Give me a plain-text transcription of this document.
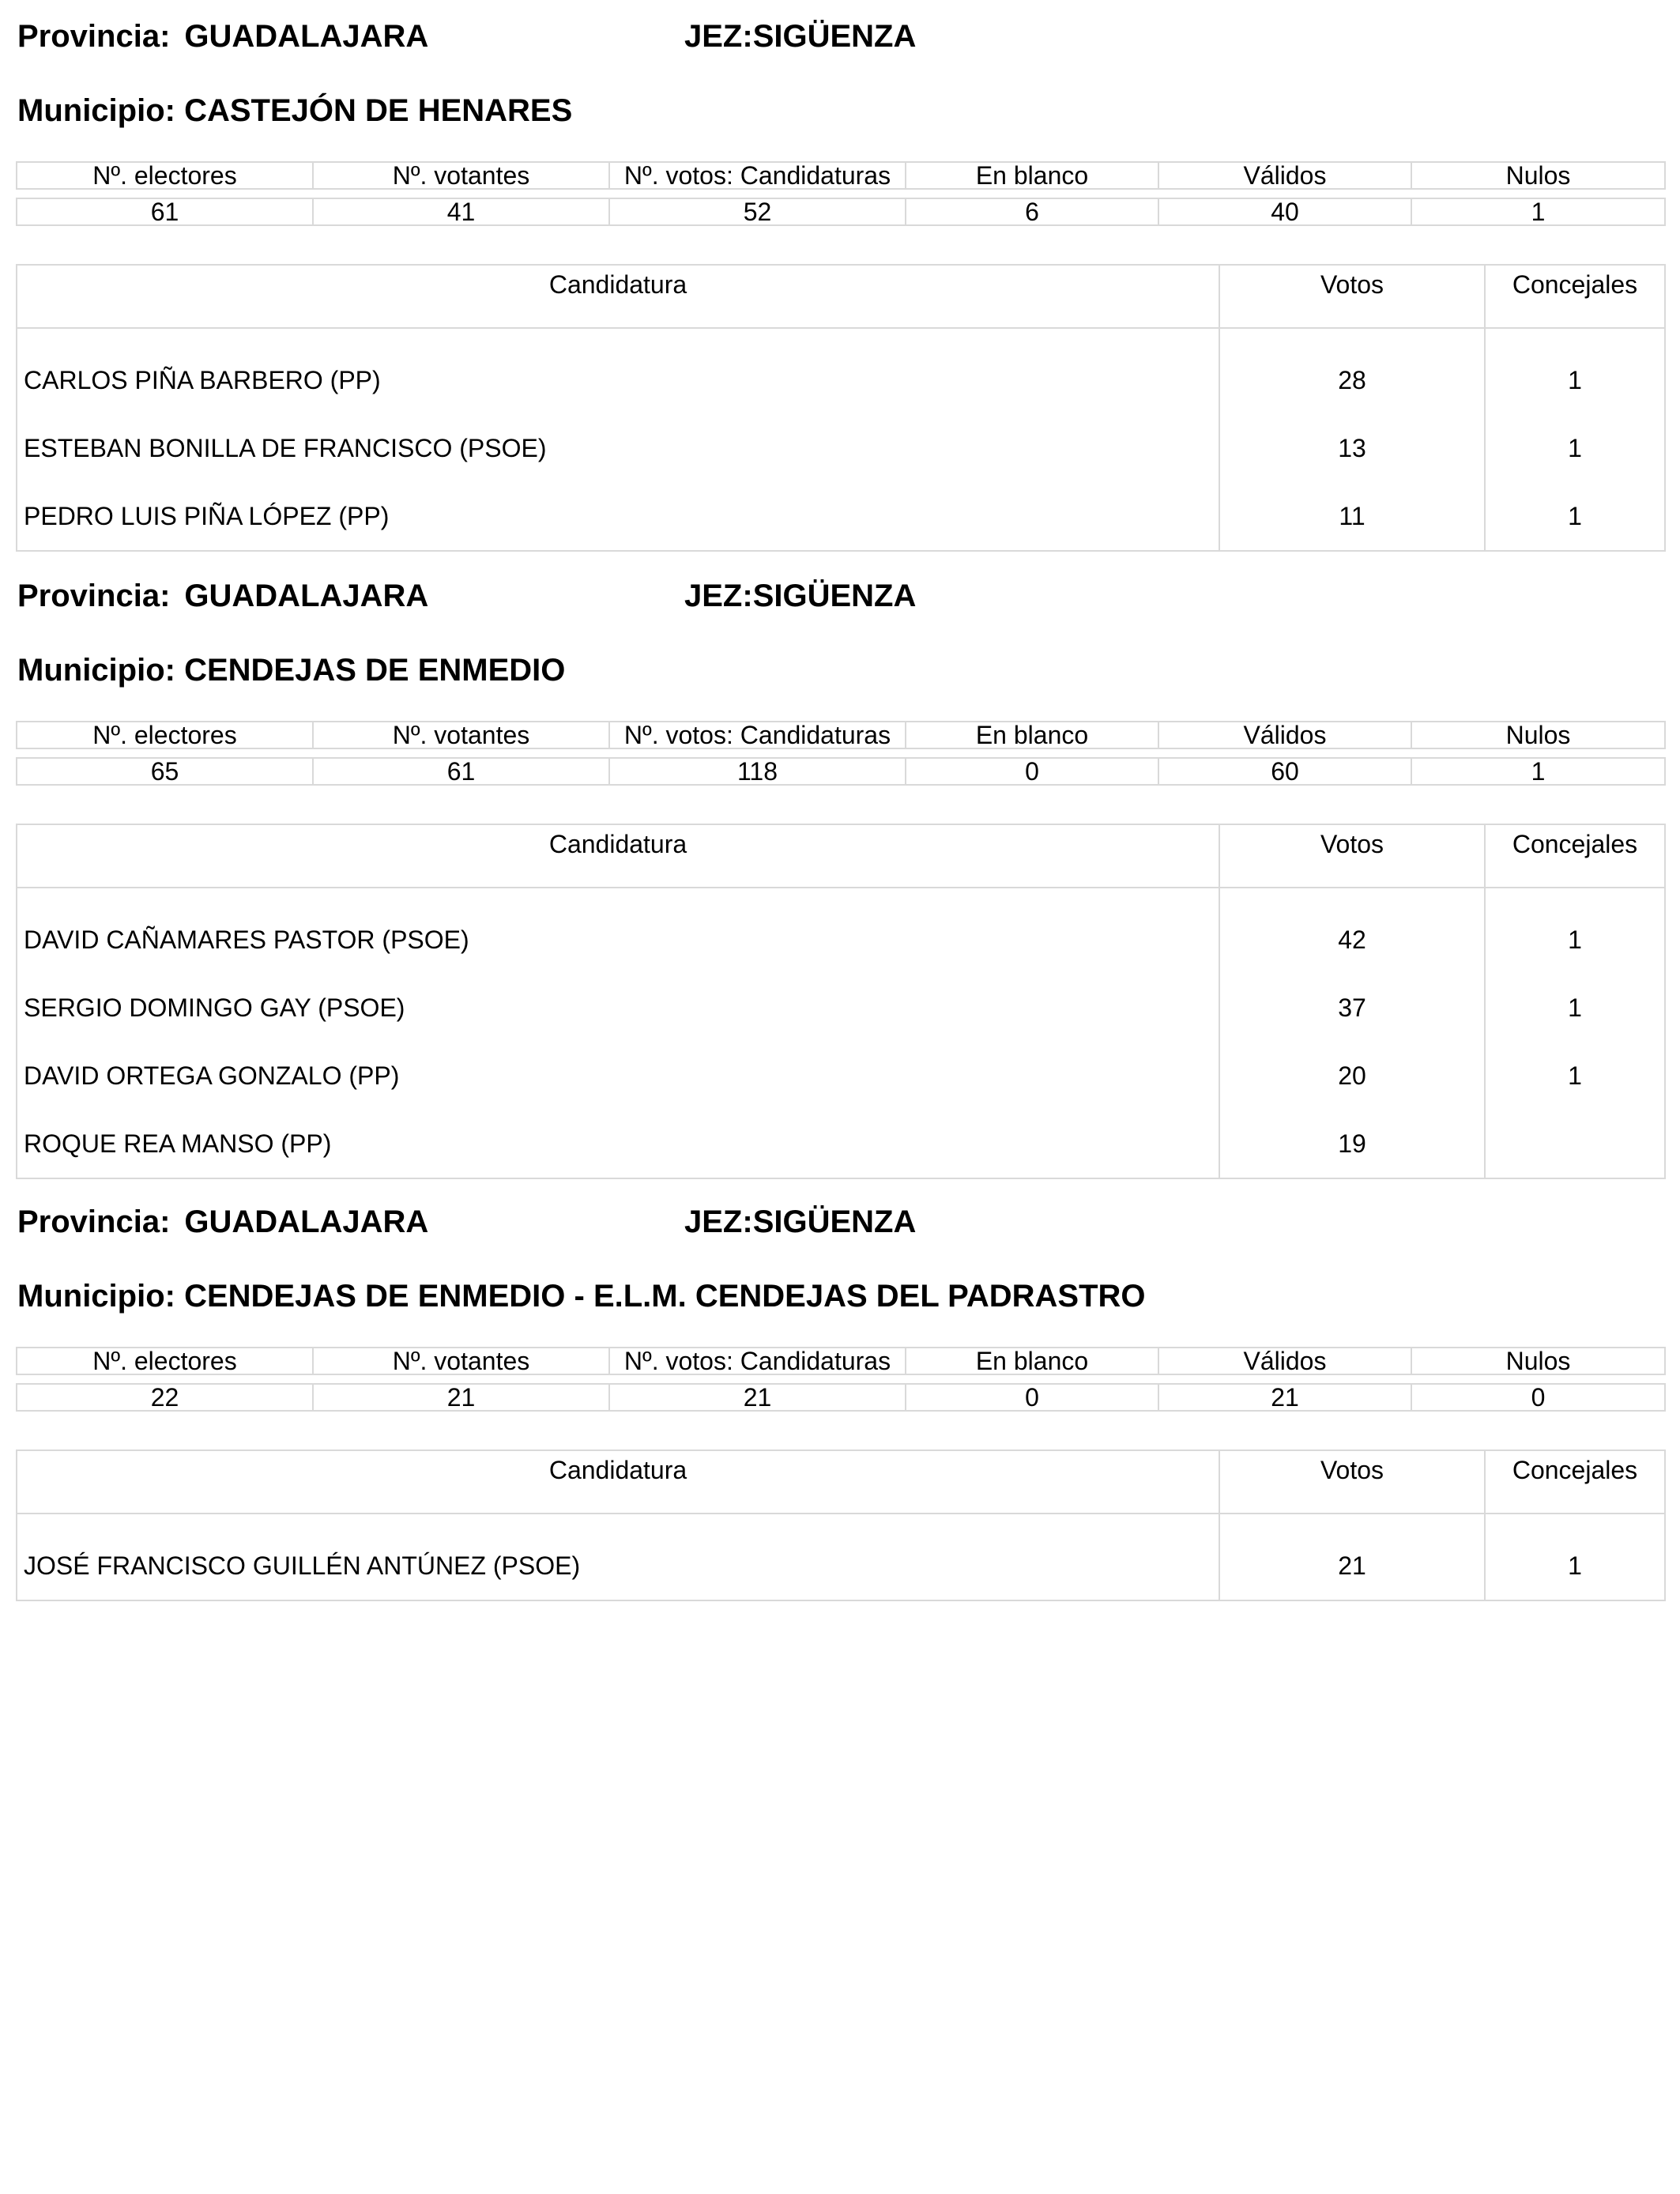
Provincia: GUADALAJARA	JEZ:SIGÜENZA
Municipio: CASTEJÓN DE HENARES
Nº. electores	Nº. votantes	Nº. votos: Candidaturas	En blanco	Válidos	Nulos

61	41	52	6	40	1
Candidatura	Votos	Concejales

CARLOS PIÑA BARBERO (PP)	28	1
ESTEBAN BONILLA DE FRANCISCO (PSOE)	13	1
PEDRO LUIS PIÑA LÓPEZ (PP)	11	1
Provincia: GUADALAJARA	JEZ:SIGÜENZA
Municipio: CENDEJAS DE ENMEDIO
Nº. electores	Nº. votantes	Nº. votos: Candidaturas	En blanco	Válidos	Nulos

65	61	118	0	60	1
Candidatura	Votos	Concejales

DAVID CAÑAMARES PASTOR (PSOE)	42	1
SERGIO DOMINGO GAY (PSOE)	37	1
DAVID ORTEGA GONZALO (PP)	20	1
ROQUE REA MANSO (PP)	19	
Provincia: GUADALAJARA	JEZ:SIGÜENZA
Municipio: CENDEJAS DE ENMEDIO - E.L.M. CENDEJAS DEL PADRASTRO
Nº. electores	Nº. votantes	Nº. votos: Candidaturas	En blanco	Válidos	Nulos

22	21	21	0	21	0
Candidatura	Votos	Concejales

JOSÉ FRANCISCO GUILLÉN ANTÚNEZ (PSOE)	21	1
